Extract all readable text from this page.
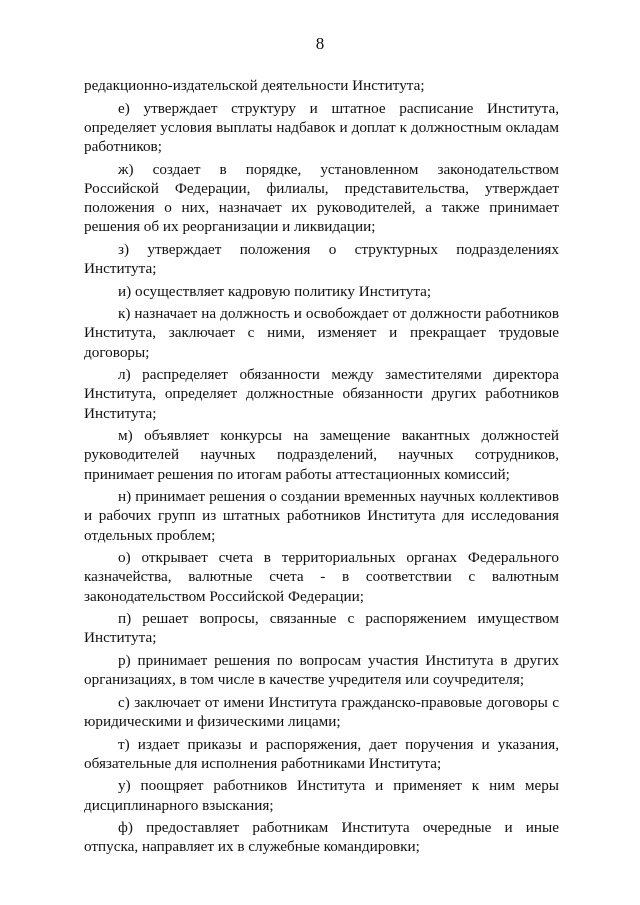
8

редакционно-издательской деятельности Института;

е) утверждает структуру и штатное расписание Института, определяет условия выплаты надбавок и доплат к должностным окладам работников;

ж) создает в порядке, установленном законодательством Российской Федерации, филиалы, представительства, утверждает положения о них, назначает их руководителей, а также принимает решения об их реорганизации и ликвидации;

з) утверждает положения о структурных подразделениях Института;

и) осуществляет кадровую политику Института;

к) назначает на должность и освобождает от должности работников Института, заключает с ними, изменяет и прекращает трудовые договоры;

л) распределяет обязанности между заместителями директора Института, определяет должностные обязанности других работников Института;

м) объявляет конкурсы на замещение вакантных должностей руководителей научных подразделений, научных сотрудников, принимает решения по итогам работы аттестационных комиссий;

н) принимает решения о создании временных научных коллективов и рабочих групп из штатных работников Института для исследования отдельных проблем;

о) открывает счета в территориальных органах Федерального казначейства, валютные счета - в соответствии с валютным законодательством Российской Федерации;

п) решает вопросы, связанные с распоряжением имуществом Института;

р) принимает решения по вопросам участия Института в других организациях, в том числе в качестве учредителя или соучредителя;

с) заключает от имени Института гражданско-правовые договоры с юридическими и физическими лицами;

т) издает приказы и распоряжения, дает поручения и указания, обязательные для исполнения работниками Института;

у) поощряет работников Института и применяет к ним меры дисциплинарного взыскания;

ф) предоставляет работникам Института очередные и иные отпуска, направляет их в служебные командировки;
